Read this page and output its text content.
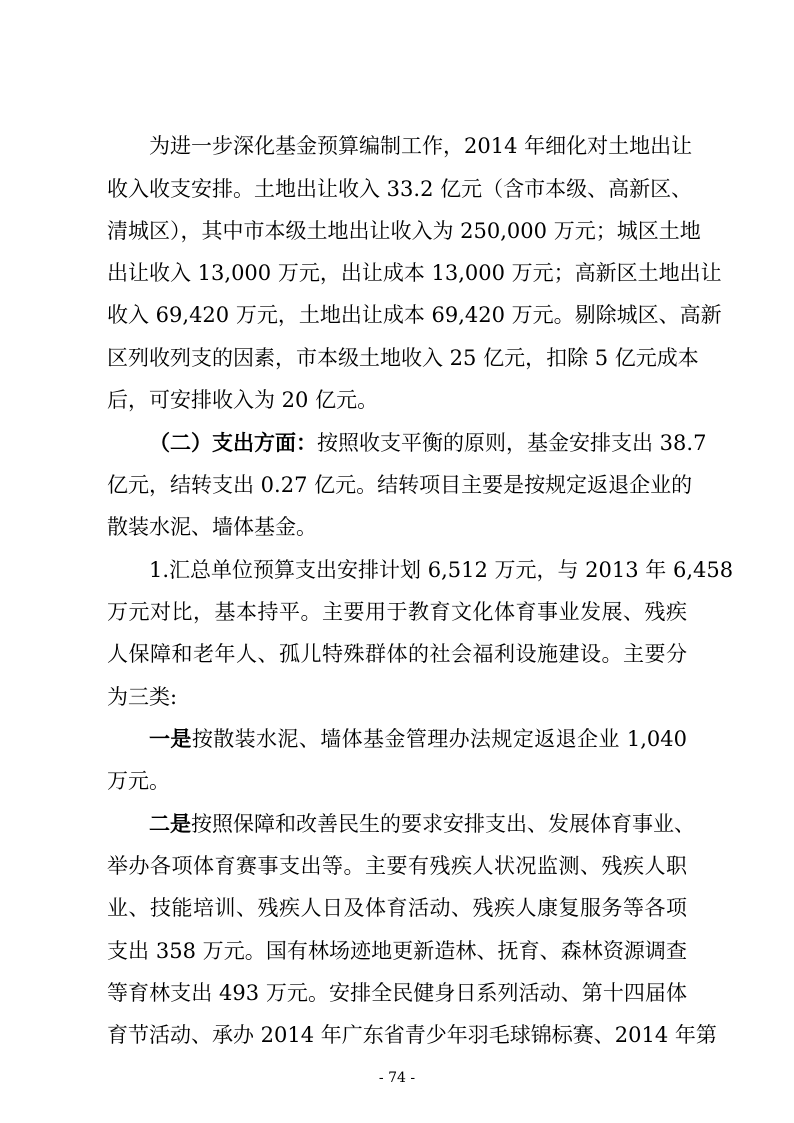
为进一步深化基金预算编制工作，2014 年细化对土地出让
收入收支安排。土地出让收入 33.2 亿元（含市本级、高新区、
清城区），其中市本级土地出让收入为 250,000 万元；城区土地
出让收入 13,000 万元，出让成本 13,000 万元；高新区土地出让
收入 69,420 万元，土地出让成本 69,420 万元。剔除城区、高新
区列收列支的因素，市本级土地收入 25 亿元，扣除 5 亿元成本
后，可安排收入为 20 亿元。
（二）支出方面：按照收支平衡的原则，基金安排支出 38.7
亿元，结转支出 0.27 亿元。结转项目主要是按规定返退企业的
散装水泥、墙体基金。
1.汇总单位预算支出安排计划 6,512 万元，与 2013 年 6,458
万元对比，基本持平。主要用于教育文化体育事业发展、残疾
人保障和老年人、孤儿特殊群体的社会福利设施建设。主要分
为三类:
一是按散装水泥、墙体基金管理办法规定返退企业 1,040
万元。
二是按照保障和改善民生的要求安排支出、发展体育事业、
举办各项体育赛事支出等。主要有残疾人状况监测、残疾人职
业、技能培训、残疾人日及体育活动、残疾人康复服务等各项
支出 358 万元。国有林场迹地更新造林、抚育、森林资源调查
等育林支出 493 万元。安排全民健身日系列活动、第十四届体
育节活动、承办 2014 年广东省青少年羽毛球锦标赛、2014 年第
- 74 -
